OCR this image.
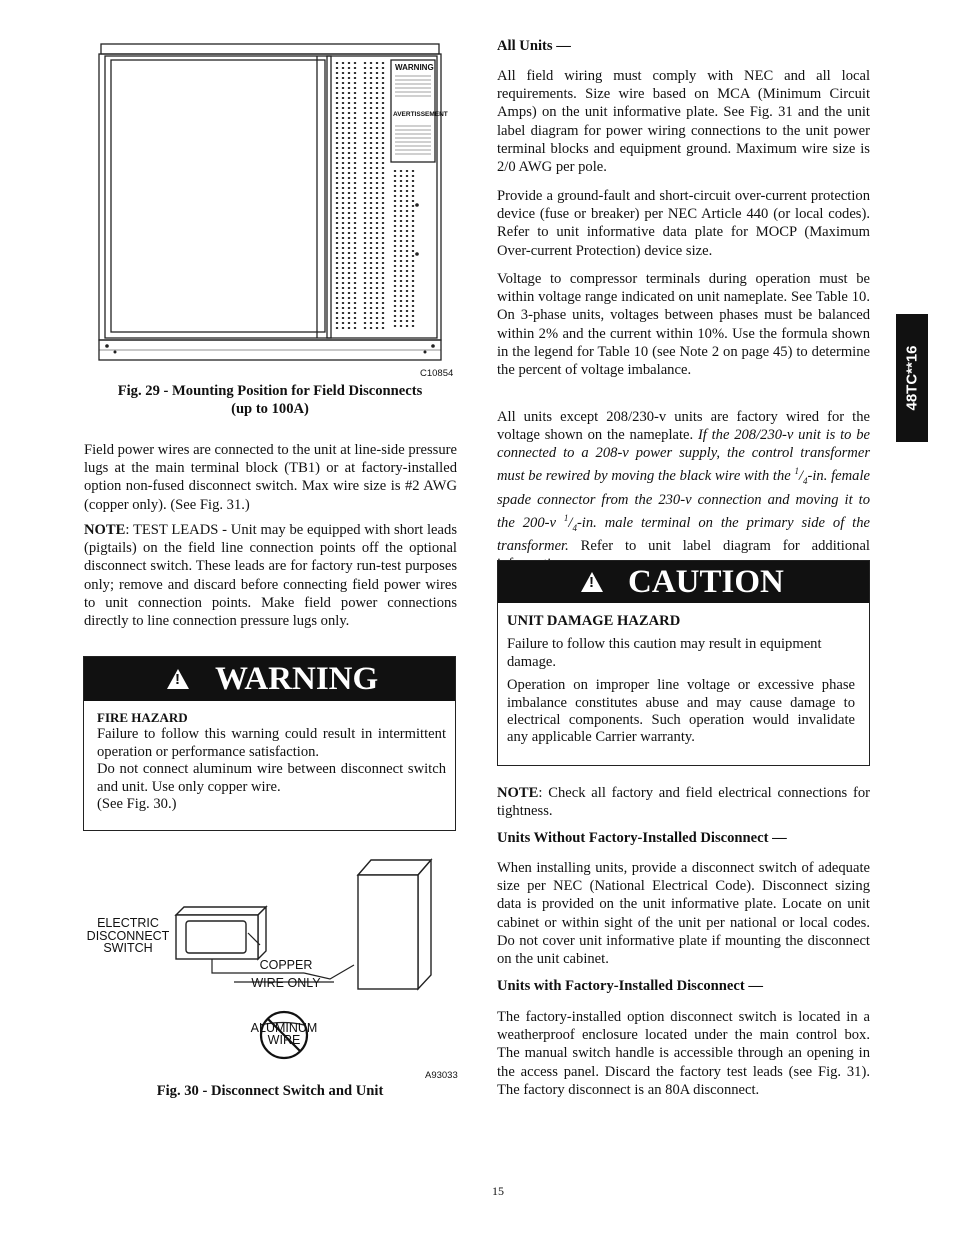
48TC**16
WARNING
AVERTISSEMENT
C10854
Fig. 29 - Mounting Position for Field Disconnects
(up to 100A)

Field power wires are connected to the unit at line-side pressure lugs at the main terminal block (TB1) or at factory-installed option non-fused disconnect switch. Max wire size is #2 AWG (copper only). (See Fig. 31.)

NOTE: TEST LEADS - Unit may be equipped with short leads (pigtails) on the field line connection points off the optional disconnect switch. These leads are for factory run-test purposes only; remove and discard before connecting field power wires to unit connection points. Make field power connections directly to line connection pressure lugs only.

!
WARNING
FIRE HAZARD
Failure to follow this warning could result in intermittent operation or performance satisfaction.
Do not connect aluminum wire between disconnect switch and unit. Use only copper wire.
(See Fig. 30.)
ELECTRIC
DISCONNECT
SWITCH
COPPER
WIRE ONLY
ALUMINUM
WIRE
A93033
Fig. 30 - Disconnect Switch and Unit
All Units —

All field wiring must comply with NEC and all local requirements. Size wire based on MCA (Minimum Circuit Amps) on the unit informative plate. See Fig. 31 and the unit label diagram for power wiring connections to the unit power terminal blocks and equipment ground. Maximum wire size is 2/0 AWG per pole.

Provide a ground-fault and short-circuit over-current protection device (fuse or breaker) per NEC Article 440 (or local codes). Refer to unit informative data plate for MOCP (Maximum Over-current Protection) device size.

Voltage to compressor terminals during operation must be within voltage range indicated on unit nameplate. See Table 10. On 3-phase units, voltages between phases must be balanced within 2% and the current within 10%. Use the formula shown in the legend for Table 10 (see Note 2 on page 45) to determine the percent of voltage imbalance.

All units except 208/230-v units are factory wired for the voltage shown on the nameplate. If the 208/230-v unit is to be connected to a 208-v power supply, the control transformer must be rewired by moving the black wire with the $^1/_4-in$. female spade connector from the 230-v connection and moving it to the 200-v $^1/_4-in$. male terminal on the primary side of the transformer. Refer to unit label diagram for additional

!
CAUTION
UNIT DAMAGE HAZARD
Failure to follow this caution may result in equipment damage.
Operation on improper line voltage or excessive phase imbalance constitutes abuse and may cause damage to electrical components. Such operation would invalidate any applicable Carrier warranty.

NOTE: Check all factory and field electrical connections for tightness.

Units Without Factory-Installed Disconnect —

When installing units, provide a disconnect switch of adequate size per NEC (National Electrical Code). Disconnect sizing data is provided on the unit informative plate. Locate on unit cabinet or within sight of the unit per national or local codes. Do not cover unit informative plate if mounting the disconnect on the unit cabinet.

Units with Factory-Installed Disconnect —

The factory-installed option disconnect switch is located in a weatherproof enclosure located under the main control box. The manual switch handle is accessible through an opening in the access panel. Discard the factory test leads (see Fig. 31). The factory disconnect is an 80A disconnect.

15
